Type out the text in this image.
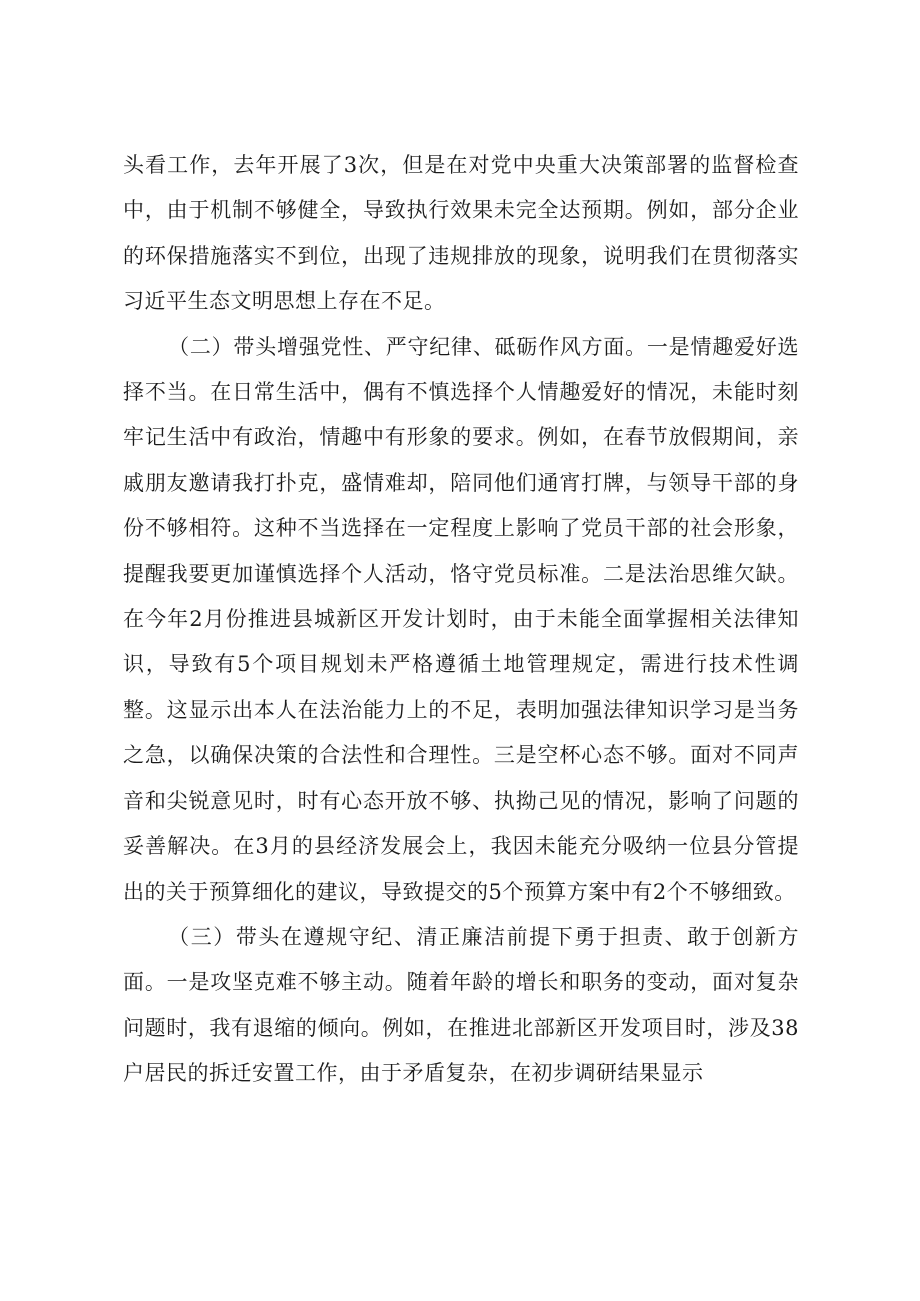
头看工作，去年开展了3次，但是在对党中央重大决策部署的监督检查中，由于机制不够健全，导致执行效果未完全达预期。例如，部分企业的环保措施落实不到位，出现了违规排放的现象，说明我们在贯彻落实习近平生态文明思想上存在不足。

（二）带头增强党性、严守纪律、砥砺作风方面。一是情趣爱好选择不当。在日常生活中，偶有不慎选择个人情趣爱好的情况，未能时刻牢记生活中有政治，情趣中有形象的要求。例如，在春节放假期间，亲戚朋友邀请我打扑克，盛情难却，陪同他们通宵打牌，与领导干部的身份不够相符。这种不当选择在一定程度上影响了党员干部的社会形象，提醒我要更加谨慎选择个人活动，恪守党员标准。二是法治思维欠缺。在今年2月份推进县城新区开发计划时，由于未能全面掌握相关法律知识，导致有5个项目规划未严格遵循土地管理规定，需进行技术性调整。这显示出本人在法治能力上的不足，表明加强法律知识学习是当务之急，以确保决策的合法性和合理性。三是空杯心态不够。面对不同声音和尖锐意见时，时有心态开放不够、执拗己见的情况，影响了问题的妥善解决。在3月的县经济发展会上，我因未能充分吸纳一位县分管提出的关于预算细化的建议，导致提交的5个预算方案中有2个不够细致。

（三）带头在遵规守纪、清正廉洁前提下勇于担责、敢于创新方面。一是攻坚克难不够主动。随着年龄的增长和职务的变动，面对复杂问题时，我有退缩的倾向。例如，在推进北部新区开发项目时，涉及38户居民的拆迁安置工作，由于矛盾复杂，在初步调研结果显示
